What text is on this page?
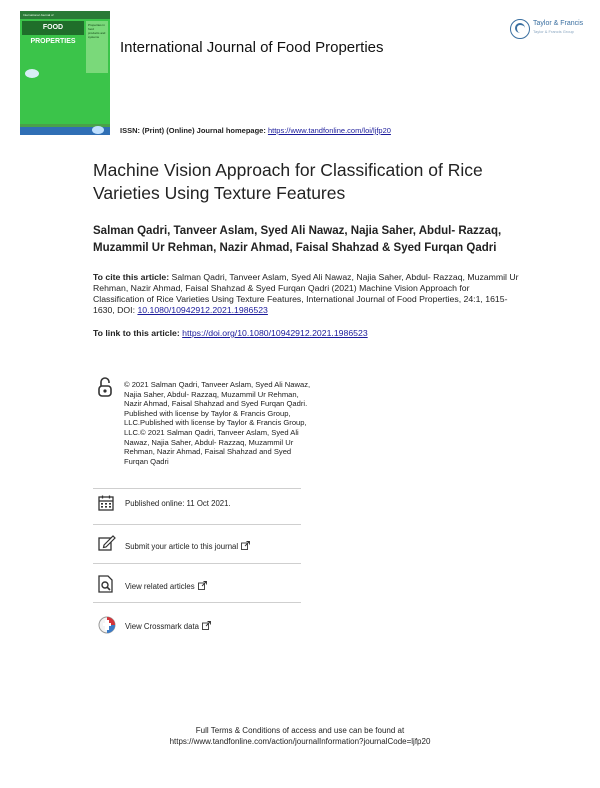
International Journal of
FOOD PROPERTIES
Properties in food products and systems
Taylor & Francis
Taylor & Francis Group
International Journal of Food Properties
ISSN: (Print) (Online) Journal homepage: https://www.tandfonline.com/loi/ljfp20
Machine Vision Approach for Classification of Rice Varieties Using Texture Features
Salman Qadri, Tanveer Aslam, Syed Ali Nawaz, Najia Saher, Abdul- Razzaq, Muzammil Ur Rehman, Nazir Ahmad, Faisal Shahzad & Syed Furqan Qadri
To cite this article: Salman Qadri, Tanveer Aslam, Syed Ali Nawaz, Najia Saher, Abdul- Razzaq, Muzammil Ur Rehman, Nazir Ahmad, Faisal Shahzad & Syed Furqan Qadri (2021) Machine Vision Approach for Classification of Rice Varieties Using Texture Features, International Journal of Food Properties, 24:1, 1615-1630, DOI: 10.1080/10942912.2021.1986523
To link to this article: https://doi.org/10.1080/10942912.2021.1986523
© 2021 Salman Qadri, Tanveer Aslam, Syed Ali Nawaz, Najia Saher, Abdul- Razzaq, Muzammil Ur Rehman, Nazir Ahmad, Faisal Shahzad and Syed Furqan Qadri. Published with license by Taylor & Francis Group, LLC.Published with license by Taylor & Francis Group, LLC.© 2021 Salman Qadri, Tanveer Aslam, Syed Ali Nawaz, Najia Saher, Abdul- Razzaq, Muzammil Ur Rehman, Nazir Ahmad, Faisal Shahzad and Syed Furqan Qadri
Published online: 11 Oct 2021.
Submit your article to this journal
View related articles
View Crossmark data
Full Terms & Conditions of access and use can be found at
https://www.tandfonline.com/action/journalInformation?journalCode=ljfp20
